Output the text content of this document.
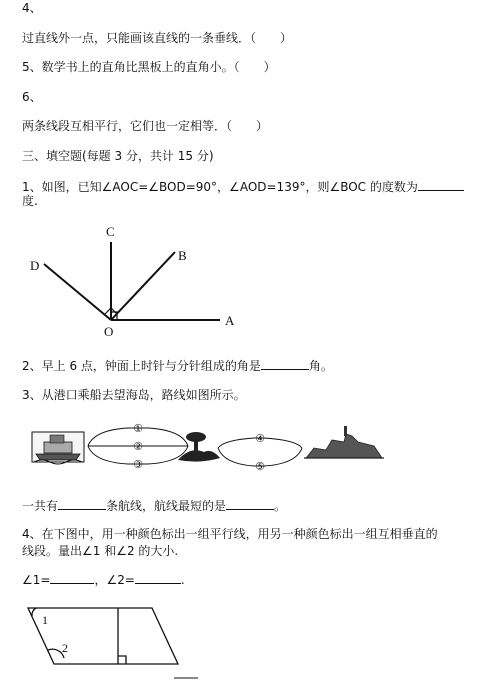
4、
过直线外一点，只能画该直线的一条垂线．（　　）
5、数学书上的直角比黑板上的直角小。（　　）
6、
两条线段互相平行，它们也一定相等．（　　）
三、填空题(每题 3 分，共计 15 分)
1、如图，已知∠AOC=∠BOD=90°，∠AOD=139°，则∠BOC 的度数为
度.
C
D
B
O
A
2、早上 6 点，钟面上时针与分针组成的角是	角。
3、从港口乘船去望海岛，路线如图所示。
①
②
③
④
⑤
一共有	条航线，航线最短的是	。
4、在下图中，用一种颜色标出一组平行线，用另一种颜色标出一组互相垂直的
线段。量出∠1 和∠2 的大小.
∠1=	，∠2=	.
1
2
